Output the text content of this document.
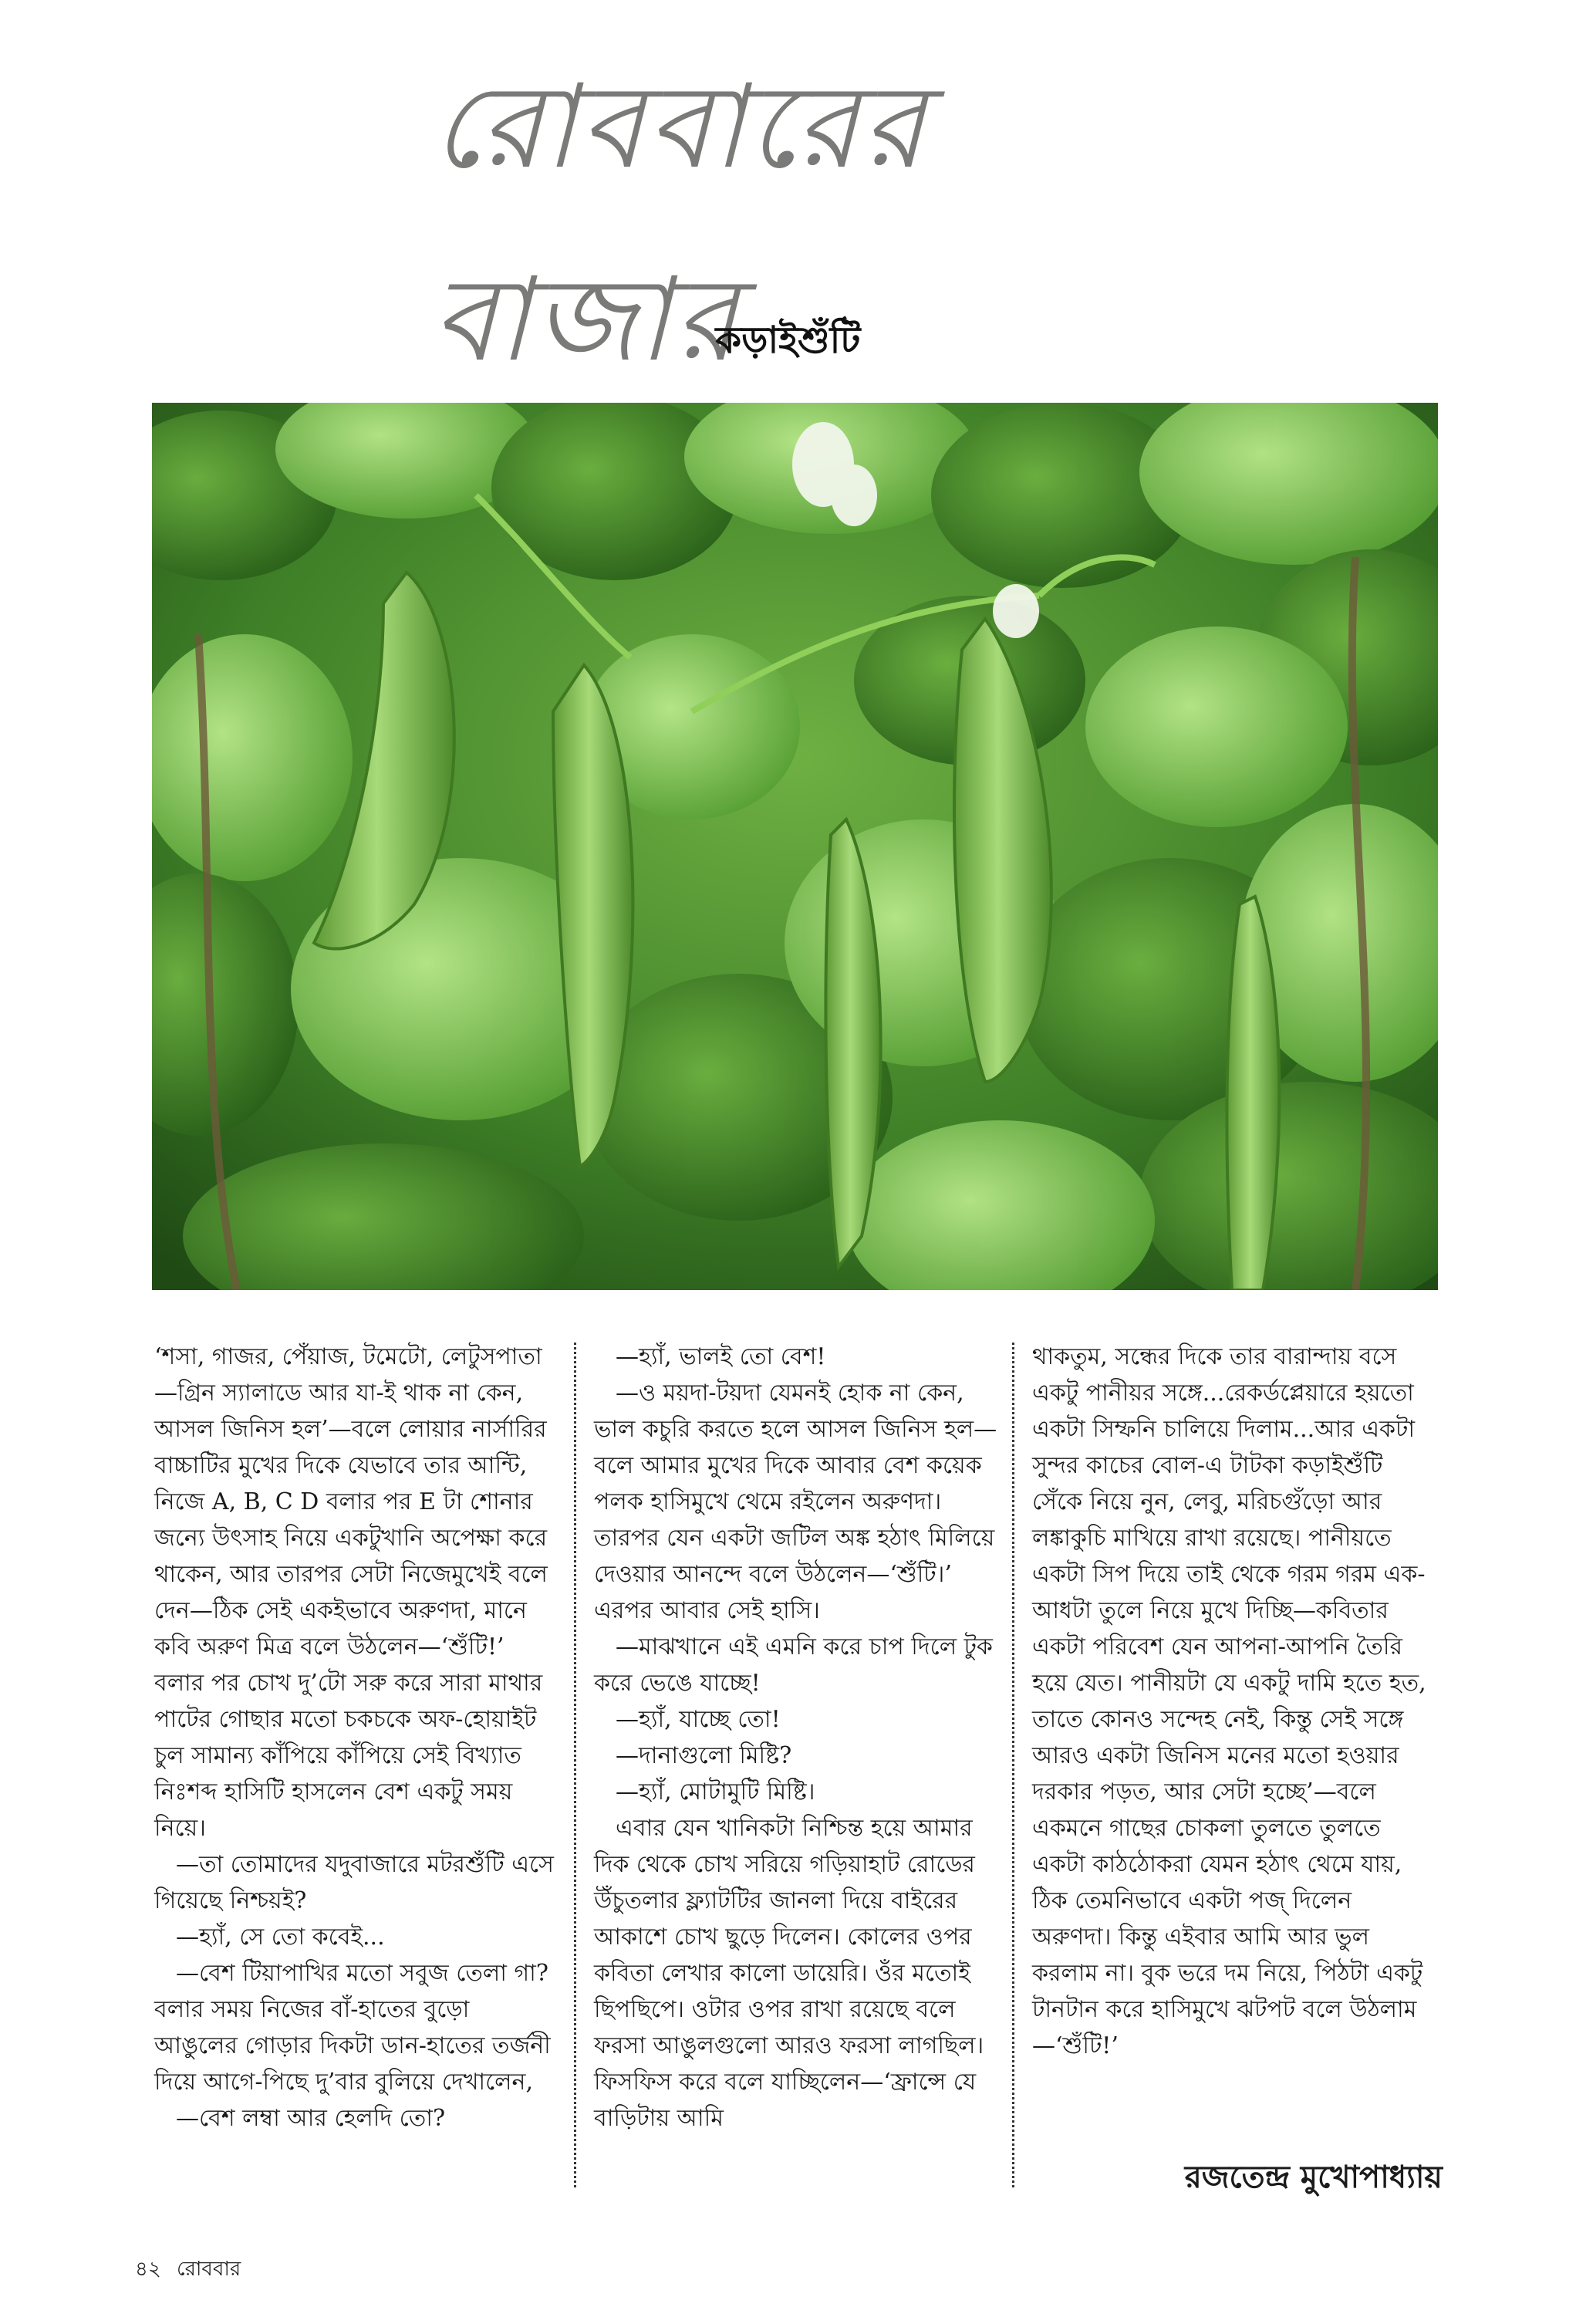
রোববারের বাজার
কড়াইশুঁটি

‘শসা, গাজর, পেঁয়াজ, টমেটো, লেটুসপাতা—গ্রিন স্যালাডে আর যা-ই থাক না কেন, আসল জিনিস হল’—বলে লোয়ার নার্সারির বাচ্চাটির মুখের দিকে যেভাবে তার আন্টি, নিজে A, B, C D বলার পর E টা শোনার জন্যে উৎসাহ নিয়ে একটুখানি অপেক্ষা করে থাকেন, আর তারপর সেটা নিজেমুখেই বলে দেন—ঠিক সেই একইভাবে অরুণদা, মানে কবি অরুণ মিত্র বলে উঠলেন—‘শুঁটি!’ বলার পর চোখ দু’টো সরু করে সারা মাথার পাটের গোছার মতো চকচকে অফ-হোয়াইট চুল সামান্য কাঁপিয়ে কাঁপিয়ে সেই বিখ্যাত নিঃশব্দ হাসিটি হাসলেন বেশ একটু সময় নিয়ে।

—তা তোমাদের যদুবাজারে মটরশুঁটি এসে গিয়েছে নিশ্চয়ই?

—হ্যাঁ, সে তো কবেই...

—বেশ টিয়াপাখির মতো সবুজ তেলা গা? বলার সময় নিজের বাঁ-হাতের বুড়ো আঙুলের গোড়ার দিকটা ডান-হাতের তর্জনী দিয়ে আগে-পিছে দু’বার বুলিয়ে দেখালেন,

—বেশ লম্বা আর হেলদি তো?

—হ্যাঁ, ভালই তো বেশ!

—ও ময়দা-টয়দা যেমনই হোক না কেন, ভাল কচুরি করতে হলে আসল জিনিস হল—বলে আমার মুখের দিকে আবার বেশ কয়েক পলক হাসিমুখে থেমে রইলেন অরুণদা। তারপর যেন একটা জটিল অঙ্ক হঠাৎ মিলিয়ে দেওয়ার আনন্দে বলে উঠলেন—‘শুঁটি।’ এরপর আবার সেই হাসি।

—মাঝখানে এই এমনি করে চাপ দিলে টুক করে ভেঙে যাচ্ছে!

—হ্যাঁ, যাচ্ছে তো!

—দানাগুলো মিষ্টি?

—হ্যাঁ, মোটামুটি মিষ্টি।

এবার যেন খানিকটা নিশ্চিন্ত হয়ে আমার দিক থেকে চোখ সরিয়ে গড়িয়াহাট রোডের উঁচুতলার ফ্ল্যাটটির জানলা দিয়ে বাইরের আকাশে চোখ ছুড়ে দিলেন। কোলের ওপর কবিতা লেখার কালো ডায়েরি। ওঁর মতোই ছিপছিপে। ওটার ওপর রাখা রয়েছে বলে ফরসা আঙুলগুলো আরও ফরসা লাগছিল। ফিসফিস করে বলে যাচ্ছিলেন—‘ফ্রান্সে যে বাড়িটায় আমি

থাকতুম, সন্ধের দিকে তার বারান্দায় বসে একটু পানীয়র সঙ্গে...রেকর্ডপ্লেয়ারে হয়তো একটা সিম্ফনি চালিয়ে দিলাম...আর একটা সুন্দর কাচের বোল-এ টাটকা কড়াইশুঁটি সেঁকে নিয়ে নুন, লেবু, মরিচগুঁড়ো আর লঙ্কাকুচি মাখিয়ে রাখা রয়েছে। পানীয়তে একটা সিপ দিয়ে তাই থেকে গরম গরম এক-আধটা তুলে নিয়ে মুখে দিচ্ছি—কবিতার একটা পরিবেশ যেন আপনা-আপনি তৈরি হয়ে যেত। পানীয়টা যে একটু দামি হতে হত, তাতে কোনও সন্দেহ নেই, কিন্তু সেই সঙ্গে আরও একটা জিনিস মনের মতো হওয়ার দরকার পড়ত, আর সেটা হচ্ছে’—বলে একমনে গাছের চোকলা তুলতে তুলতে একটা কাঠঠোকরা যেমন হঠাৎ থেমে যায়, ঠিক তেমনিভাবে একটা পজ্ দিলেন অরুণদা। কিন্তু এইবার আমি আর ভুল করলাম না। বুক ভরে দম নিয়ে, পিঠটা একটু টানটান করে হাসিমুখে ঝটপট বলে উঠলাম—‘শুঁটি!’

রজতেন্দ্র মুখোপাধ্যায়
৪২ রোববার
